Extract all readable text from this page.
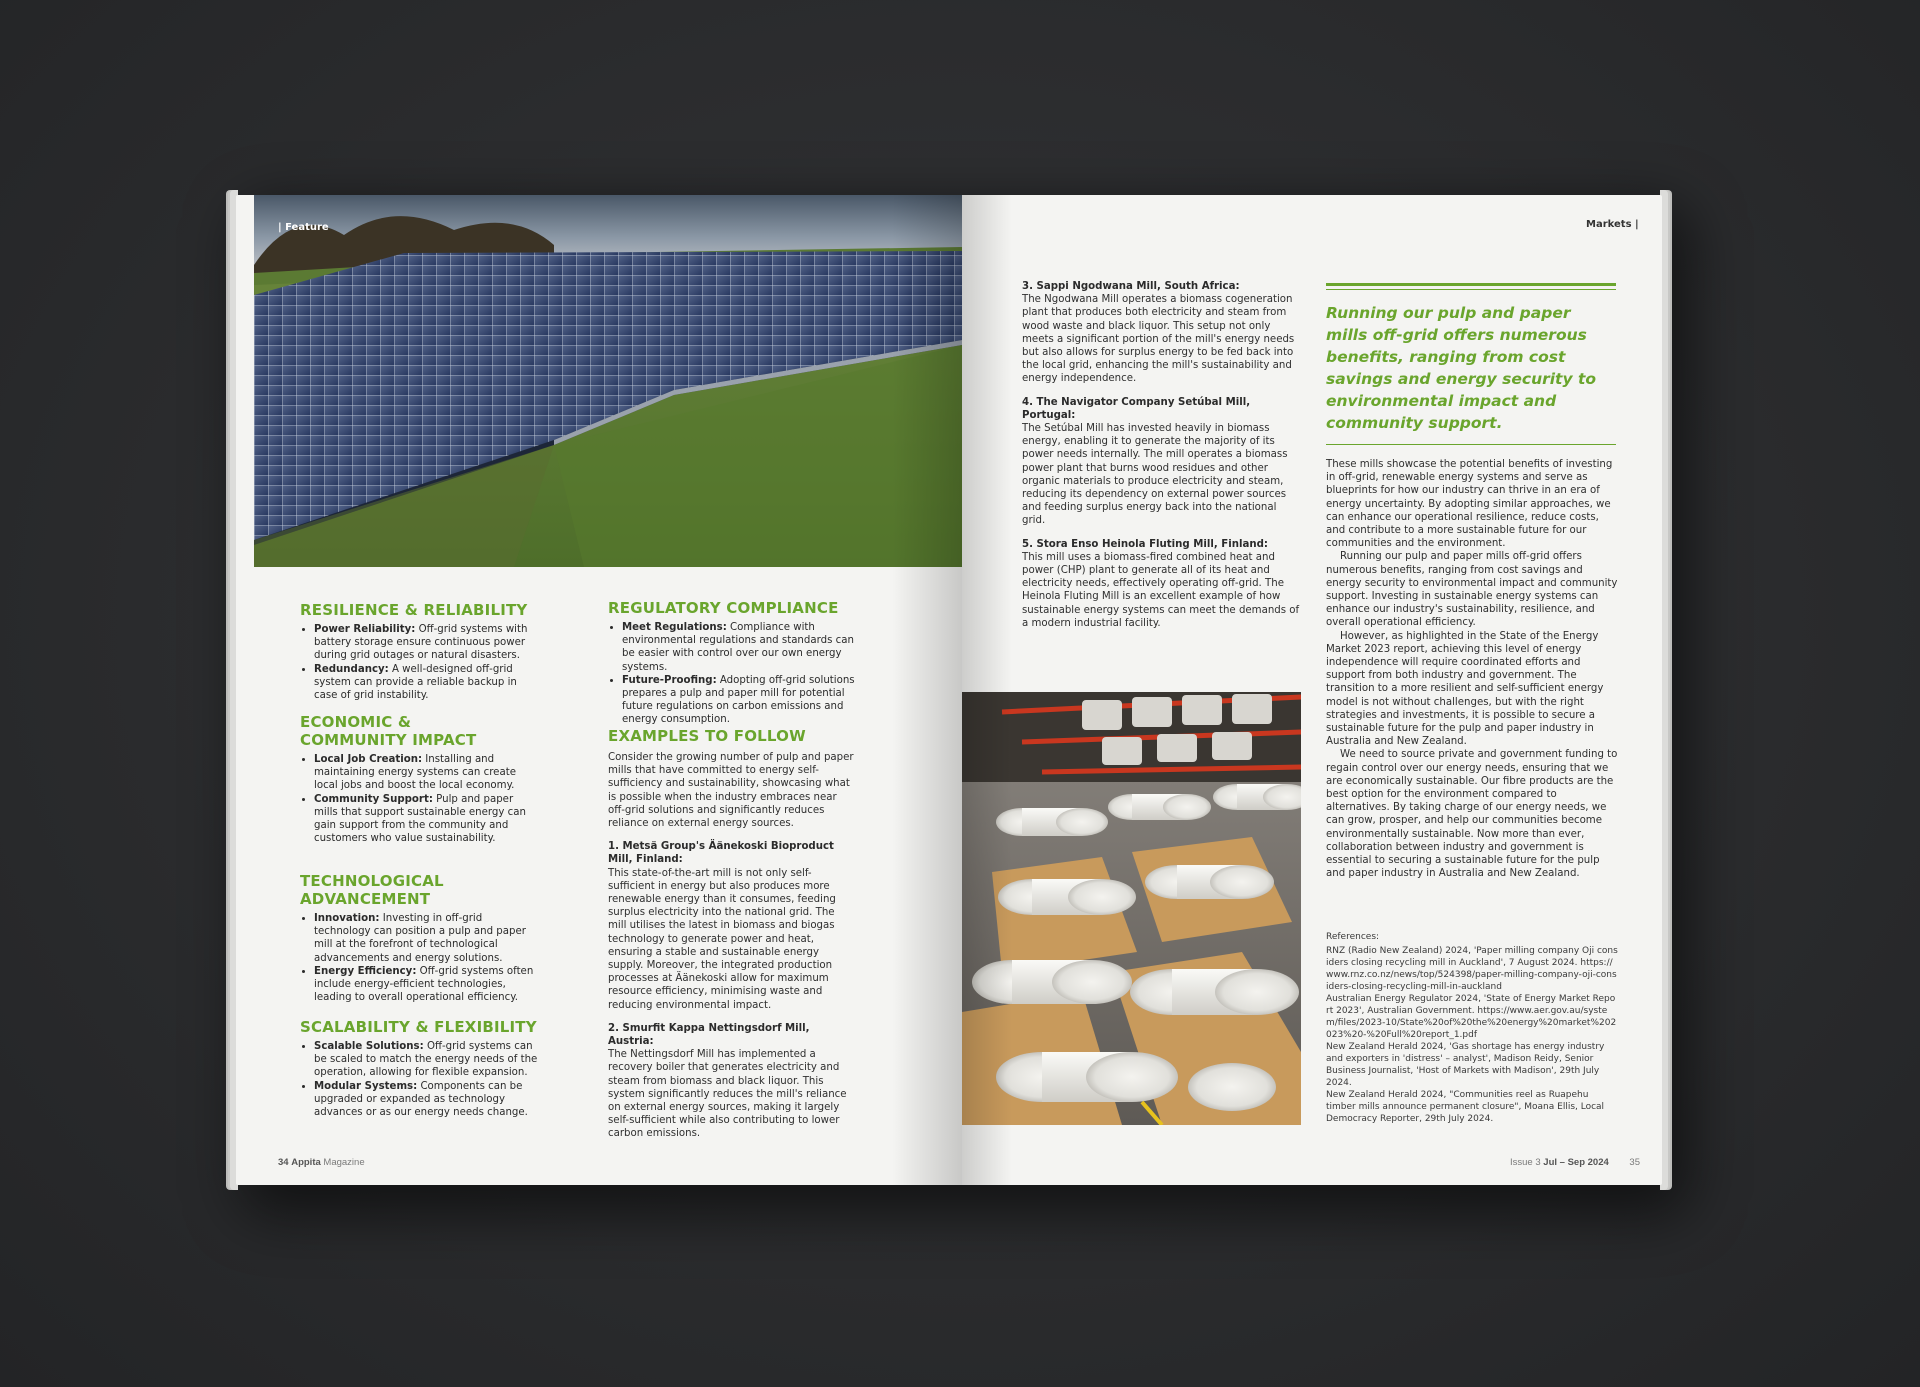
| Feature

RESILIENCE & RELIABILITY

• Power Reliability: Off-grid systems with battery storage ensure continuous power during grid outages or natural disasters.
• Redundancy: A well-designed off-grid system can provide a reliable backup in case of grid instability.

ECONOMIC &

COMMUNITY IMPACT

• Local Job Creation: Installing and maintaining energy systems can create local jobs and boost the local economy.
• Community Support: Pulp and paper mills that support sustainable energy can gain support from the community and customers who value sustainability.

TECHNOLOGICAL

ADVANCEMENT

• Innovation: Investing in off-grid technology can position a pulp and paper mill at the forefront of technological advancements and energy solutions.
• Energy Efficiency: Off-grid systems often include energy-efficient technologies, leading to overall operational efficiency.

SCALABILITY & FLEXIBILITY

• Scalable Solutions: Off-grid systems can be scaled to match the energy needs of the operation, allowing for flexible expansion.
• Modular Systems: Components can be upgraded or expanded as technology advances or as our energy needs change.

REGULATORY COMPLIANCE

• Meet Regulations: Compliance with environmental regulations and standards can be easier with control over our own energy systems.
• Future-Proofing: Adopting off-grid solutions prepares a pulp and paper mill for potential future regulations on carbon emissions and energy consumption.

EXAMPLES TO FOLLOW

Consider the growing number of pulp and paper mills that have committed to energy self-sufficiency and sustainability, showcasing what is possible when the industry embraces near off-grid solutions and significantly reduces reliance on external energy sources.
1. Metsä Group's Äänekoski Bioproduct Mill, Finland:
This state-of-the-art mill is not only self-sufficient in energy but also produces more renewable energy than it consumes, feeding surplus electricity into the national grid. The mill utilises the latest in biomass and biogas technology to generate power and heat, ensuring a stable and sustainable energy supply. Moreover, the integrated production processes at Äänekoski allow for maximum resource efficiency, minimising waste and reducing environmental impact.
2. Smurfit Kappa Nettingsdorf Mill, Austria:
The Nettingsdorf Mill has implemented a recovery boiler that generates electricity and steam from biomass and black liquor. This system significantly reduces the mill's reliance on external energy sources, making it largely self-sufficient while also contributing to lower carbon emissions.
34 Appita Magazine
Markets |
3. Sappi Ngodwana Mill, South Africa:
The Ngodwana Mill operates a biomass cogeneration plant that produces both electricity and steam from wood waste and black liquor. This setup not only meets a significant portion of the mill's energy needs but also allows for surplus energy to be fed back into the local grid, enhancing the mill's sustainability and energy independence.
4. The Navigator Company Setúbal Mill, Portugal:
The Setúbal Mill has invested heavily in biomass energy, enabling it to generate the majority of its power needs internally. The mill operates a biomass power plant that burns wood residues and other organic materials to produce electricity and steam, reducing its dependency on external power sources and feeding surplus energy back into the national grid.
5. Stora Enso Heinola Fluting Mill, Finland:
This mill uses a biomass-fired combined heat and power (CHP) plant to generate all of its heat and electricity needs, effectively operating off-grid. The Heinola Fluting Mill is an excellent example of how sustainable energy systems can meet the demands of a modern industrial facility.
Running our pulp and paper mills off-grid offers numerous benefits, ranging from cost savings and energy security to environmental impact and community support.
These mills showcase the potential benefits of investing in off-grid, renewable energy systems and serve as blueprints for how our industry can thrive in an era of energy uncertainty. By adopting similar approaches, we can enhance our operational resilience, reduce costs, and contribute to a more sustainable future for our communities and the environment.
Running our pulp and paper mills off-grid offers numerous benefits, ranging from cost savings and energy security to environmental impact and community support. Investing in sustainable energy systems can enhance our industry's sustainability, resilience, and overall operational efficiency.
However, as highlighted in the State of the Energy Market 2023 report, achieving this level of energy independence will require coordinated efforts and support from both industry and government. The transition to a more resilient and self-sufficient energy model is not without challenges, but with the right strategies and investments, it is possible to secure a sustainable future for the pulp and paper industry in Australia and New Zealand.
We need to source private and government funding to regain control over our energy needs, ensuring that we are economically sustainable. Our fibre products are the best option for the environment compared to alternatives. By taking charge of our energy needs, we can grow, prosper, and help our communities become environmentally sustainable. Now more than ever, collaboration between industry and government is essential to securing a sustainable future for the pulp and paper industry in Australia and New Zealand.
References:
RNZ (Radio New Zealand) 2024, 'Paper milling company Oji considers closing recycling mill in Auckland', 7 August 2024. https://www.rnz.co.nz/news/top/524398/paper-milling-company-oji-considers-closing-recycling-mill-in-auckland
Australian Energy Regulator 2024, 'State of Energy Market Report 2023', Australian Government. https://www.aer.gov.au/system/files/2023-10/State%20of%20the%20energy%20market%202023%20-%20Full%20report_1.pdf
New Zealand Herald 2024, 'Gas shortage has energy industry and exporters in 'distress' – analyst', Madison Reidy, Senior Business Journalist, 'Host of Markets with Madison', 29th July 2024.
New Zealand Herald 2024, "Communities reel as Ruapehu timber mills announce permanent closure", Moana Ellis, Local Democracy Reporter, 29th July 2024.
Issue 3 Jul – Sep 2024 35
